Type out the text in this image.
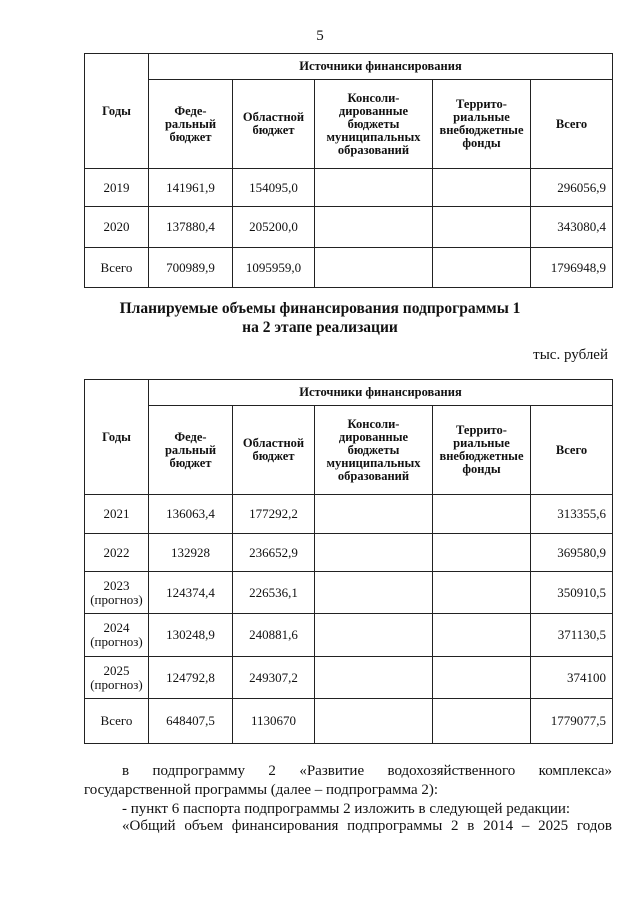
5
Годы	Источники финансирования				
	Феде-
ральный
бюджет	Областной
бюджет	Консоли-
дированные
бюджеты
муниципальных
образований	Террито-
риальные
внебюджетные
фонды	Всего
2019	141961,9	154095,0			296056,9
2020	137880,4	205200,0			343080,4
Всего	700989,9	1095959,0			1796948,9
Планируемые объемы финансирования подпрограммы 1
на 2 этапе реализации
тыс. рублей
Годы	Источники финансирования				
	Феде-
ральный
бюджет	Областной
бюджет	Консоли-
дированные
бюджеты
муниципальных
образований	Террито-
риальные
внебюджетные
фонды	Всего
2021	136063,4	177292,2			313355,6
2022	132928	236652,9			369580,9
2023
(прогноз)	124374,4	226536,1			350910,5
2024
(прогноз)	130248,9	240881,6			371130,5
2025
(прогноз)	124792,8	249307,2			374100
Всего	648407,5	1130670			1779077,5
в подпрограмму 2 «Развитие водохозяйственного комплекса»
государственной программы (далее – подпрограмма 2):
- пункт 6 паспорта подпрограммы 2 изложить в следующей редакции:
«Общий объем финансирования подпрограммы 2 в 2014 – 2025 годов
